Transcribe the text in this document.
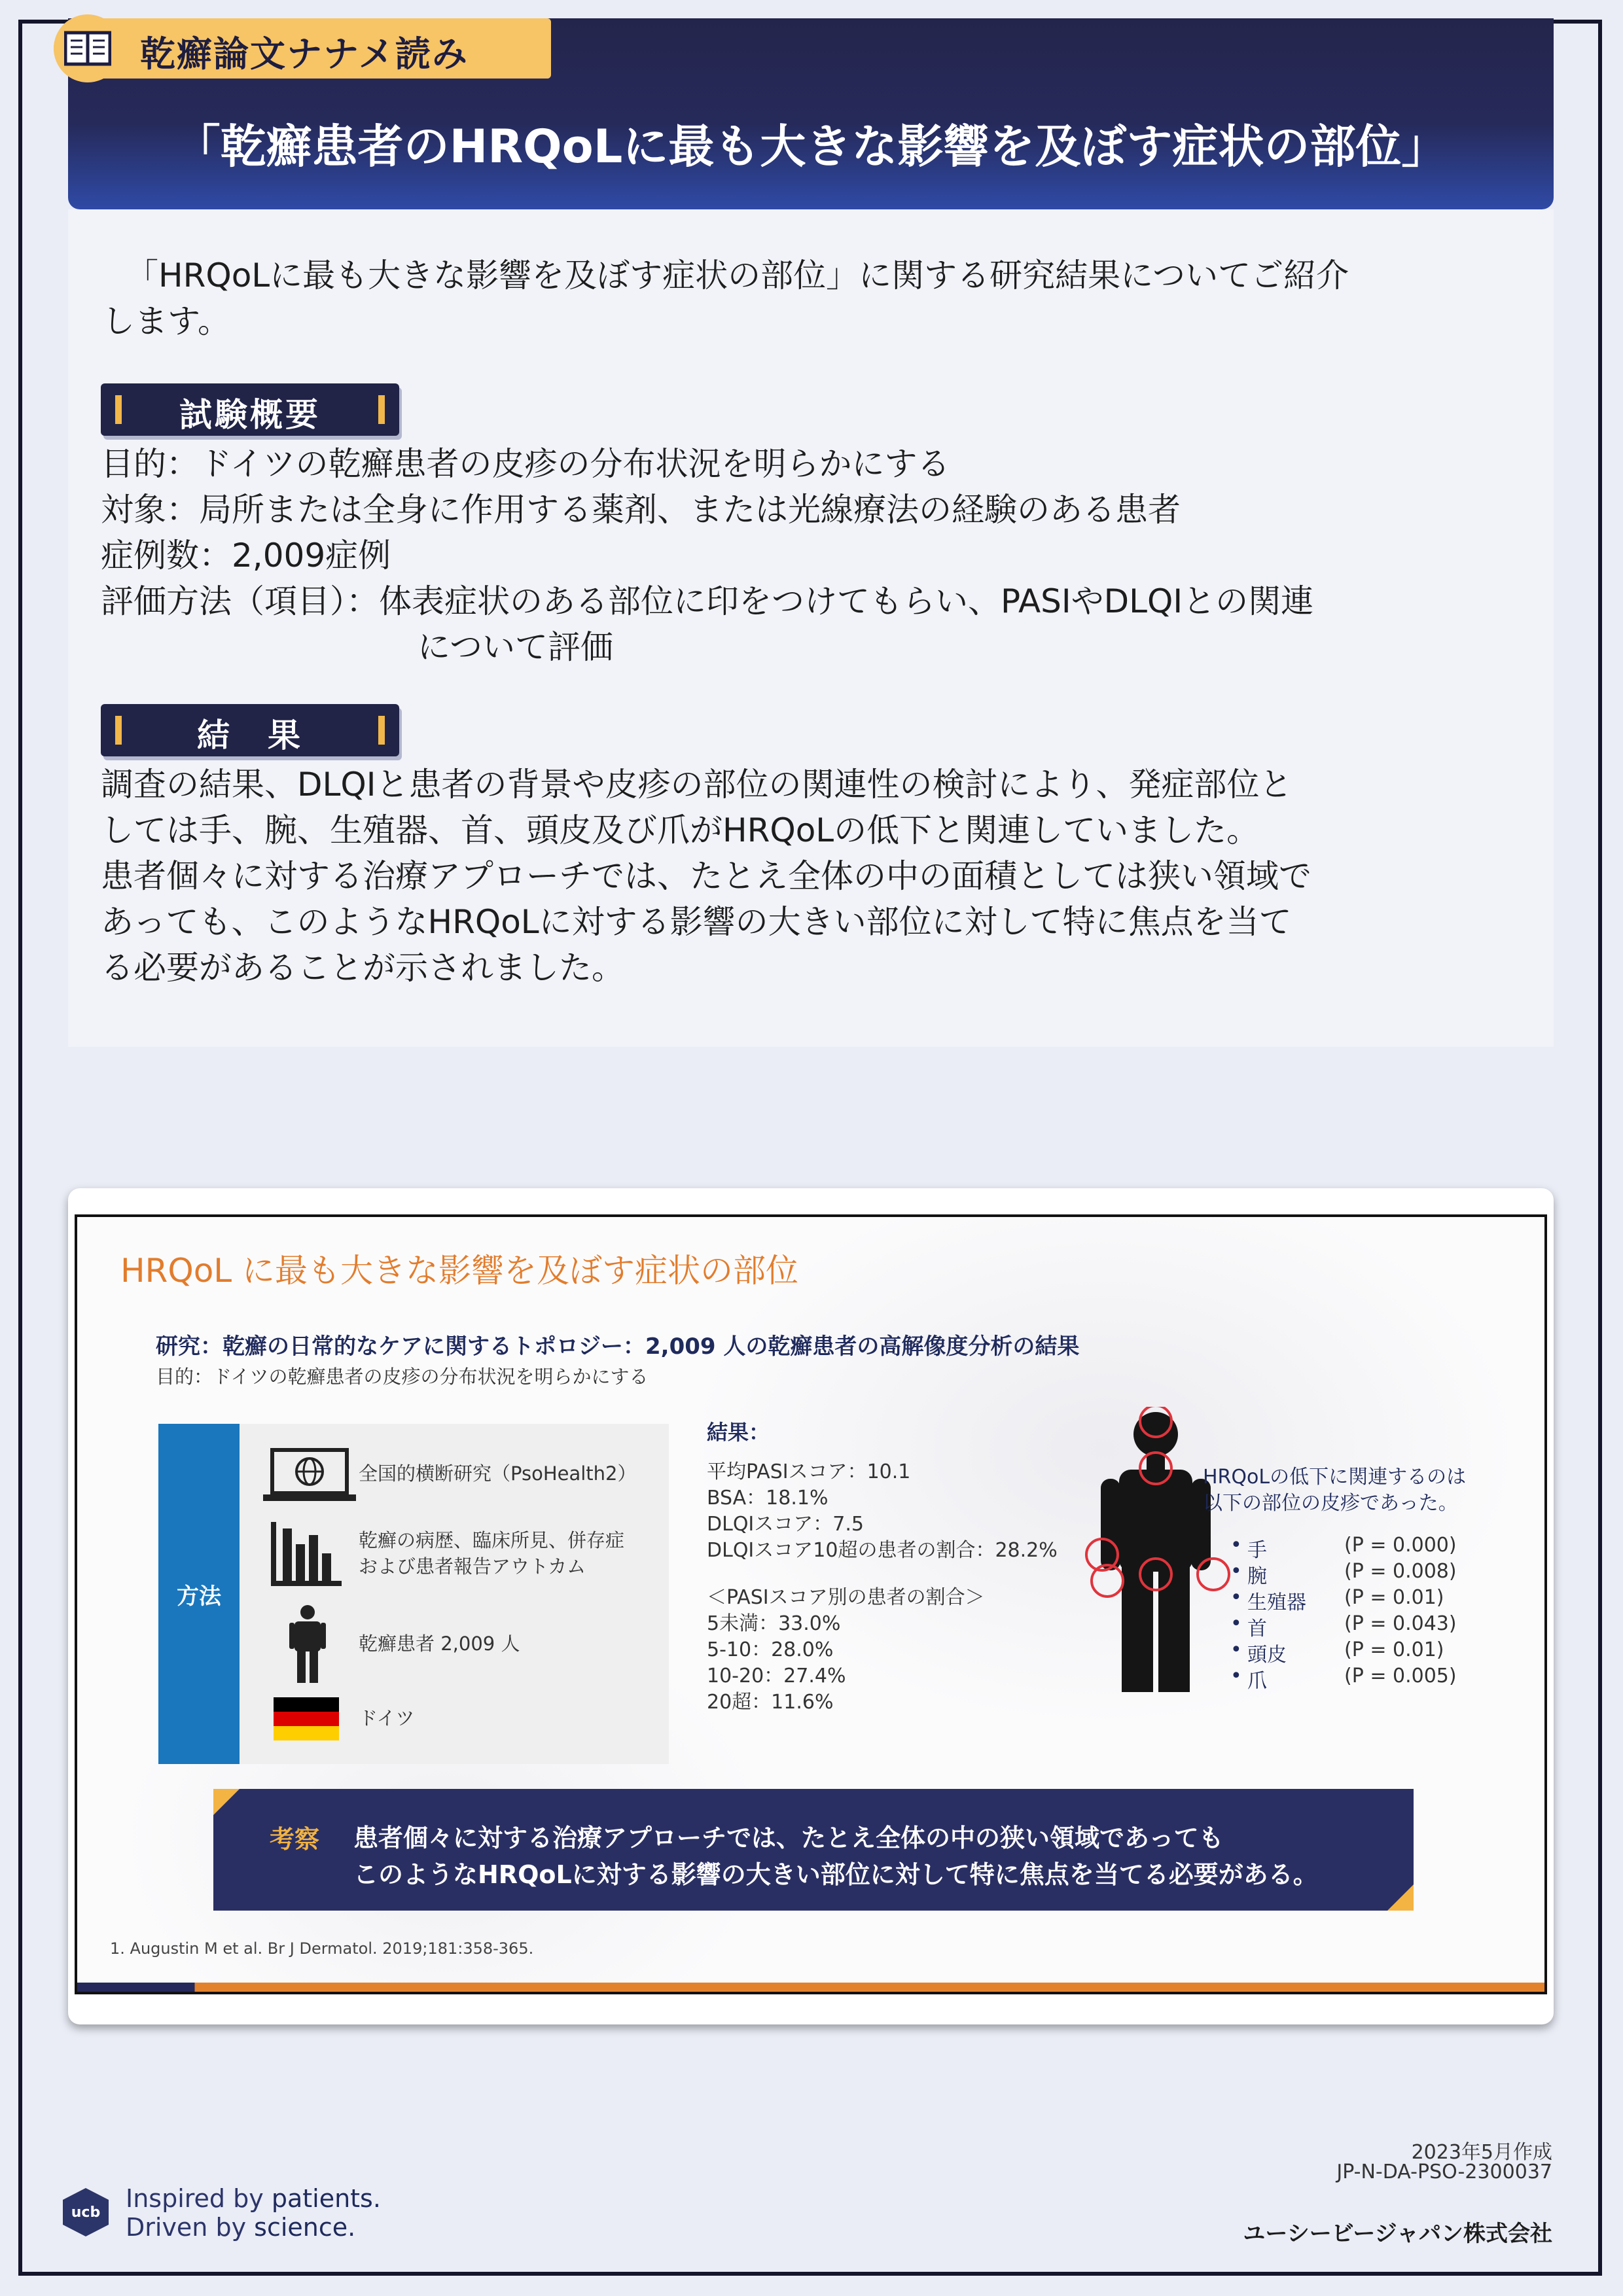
乾癬論文ナナメ読み
「乾癬患者のHRQoLに最も大きな影響を及ぼす症状の部位」
「HRQoLに最も大きな影響を及ぼす症状の部位」に関する研究結果についてご紹介
します。
試験概要
目的：ドイツの乾癬患者の皮疹の分布状況を明らかにする
対象：局所または全身に作用する薬剤、または光線療法の経験のある患者
症例数：2,009症例
評価方法（項目）：体表症状のある部位に印をつけてもらい、PASIやDLQIとの関連
について評価
結　果
調査の結果、DLQIと患者の背景や皮疹の部位の関連性の検討により、発症部位と
しては手、腕、生殖器、首、頭皮及び爪がHRQoLの低下と関連していました。
患者個々に対する治療アプローチでは、たとえ全体の中の面積としては狭い領域で
あっても、このようなHRQoLに対する影響の大きい部位に対して特に焦点を当て
る必要があることが示されました。
HRQoL に最も大きな影響を及ぼす症状の部位
研究：乾癬の日常的なケアに関するトポロジー：2,009 人の乾癬患者の高解像度分析の結果
目的：ドイツの乾癬患者の皮疹の分布状況を明らかにする
方法
全国的横断研究（PsoHealth2）
乾癬の病歴、臨床所見、併存症
および患者報告アウトカム
乾癬患者 2,009 人
ドイツ
結果：
平均PASIスコア：10.1
BSA：18.1%
DLQIスコア：7.5
DLQIスコア10超の患者の割合：28.2%
＜PASIスコア別の患者の割合＞
5未満：33.0%
5-10：28.0%
10-20：27.4%
20超：11.6%
HRQoLの低下に関連するのは
以下の部位の皮疹であった。
• 手	(P = 0.000)
• 腕	(P = 0.008)
• 生殖器 (P = 0.01)
• 首	(P = 0.043)
• 頭皮	(P = 0.01)
• 爪	(P = 0.005)
考察 患者個々に対する治療アプローチでは、たとえ全体の中の狭い領域であっても
このようなHRQoLに対する影響の大きい部位に対して特に焦点を当てる必要がある。
1. Augustin M et al. Br J Dermatol. 2019;181:358-365.
2023年5月作成
JP-N-DA-PSO-2300037
ユーシービージャパン株式会社
ucb Inspired by patients.
Driven by science.
